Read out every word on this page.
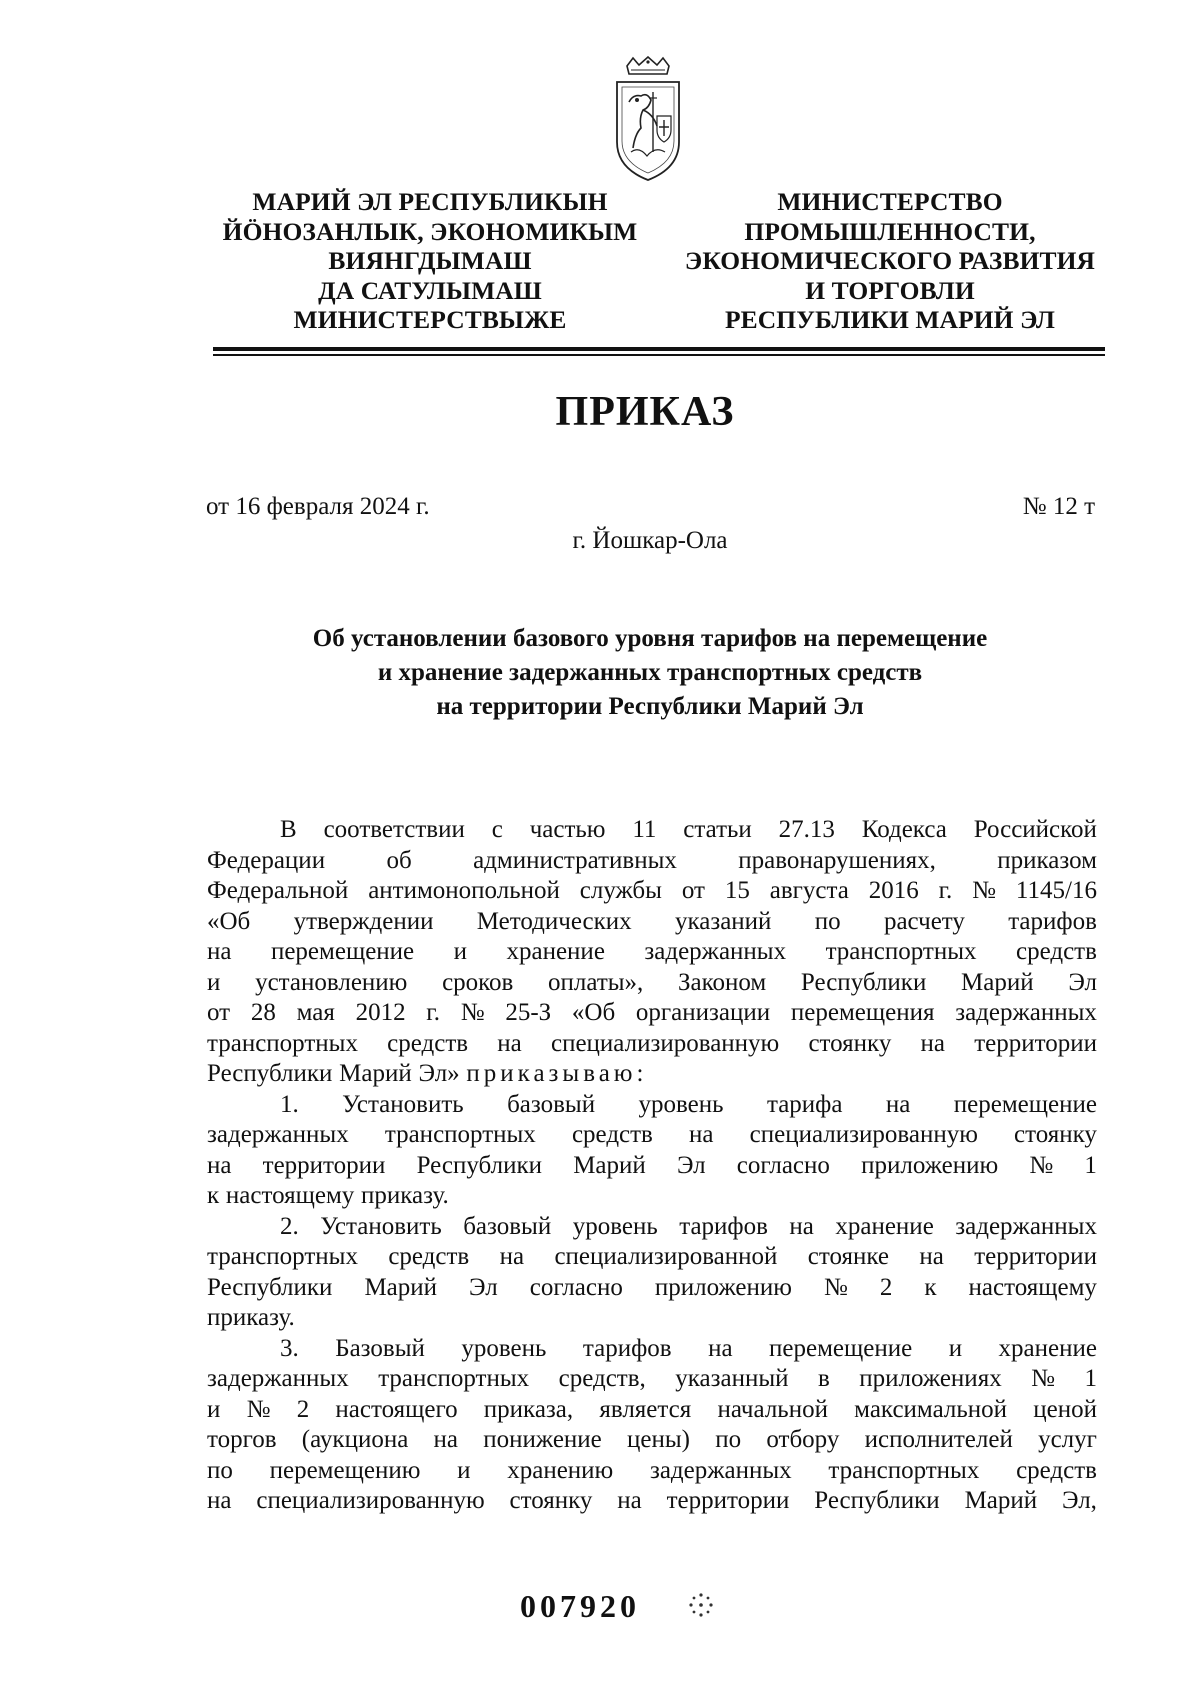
МАРИЙ ЭЛ РЕСПУБЛИКЫН
ЙӦНОЗАНЛЫК, ЭКОНОМИКЫМ
ВИЯНГДЫМАШ
ДА САТУЛЫМАШ
МИНИСТЕРСТВЫЖЕ
МИНИСТЕРСТВО
ПРОМЫШЛЕННОСТИ,
ЭКОНОМИЧЕСКОГО РАЗВИТИЯ
И ТОРГОВЛИ
РЕСПУБЛИКИ МАРИЙ ЭЛ
ПРИКАЗ
от 16 февраля 2024 г.	№ 12 т
г. Йошкар-Ола
Об установлении базового уровня тарифов на перемещение
и хранение задержанных транспортных средств
на территории Республики Марий Эл
В соответствии с частью 11 статьи 27.13 Кодекса Российской
Федерации об административных правонарушениях, приказом
Федеральной антимонопольной службы от 15 августа 2016 г. № 1145/16
«Об утверждении Методических указаний по расчету тарифов
на перемещение и хранение задержанных транспортных средств
и установлению сроков оплаты», Законом Республики Марий Эл
от 28 мая 2012 г. № 25-З «Об организации перемещения задержанных
транспортных средств на специализированную стоянку на территории
Республики Марий Эл» приказываю:
1. Установить базовый уровень тарифа на перемещение
задержанных транспортных средств на специализированную стоянку
на территории Республики Марий Эл согласно приложению № 1
к настоящему приказу.
2. Установить базовый уровень тарифов на хранение задержанных
транспортных средств на специализированной стоянке на территории
Республики Марий Эл согласно приложению № 2 к настоящему
приказу.
3. Базовый уровень тарифов на перемещение и хранение
задержанных транспортных средств, указанный в приложениях № 1
и № 2 настоящего приказа, является начальной максимальной ценой
торгов (аукциона на понижение цены) по отбору исполнителей услуг
по перемещению и хранению задержанных транспортных средств
на специализированную стоянку на территории Республики Марий Эл,
007920
